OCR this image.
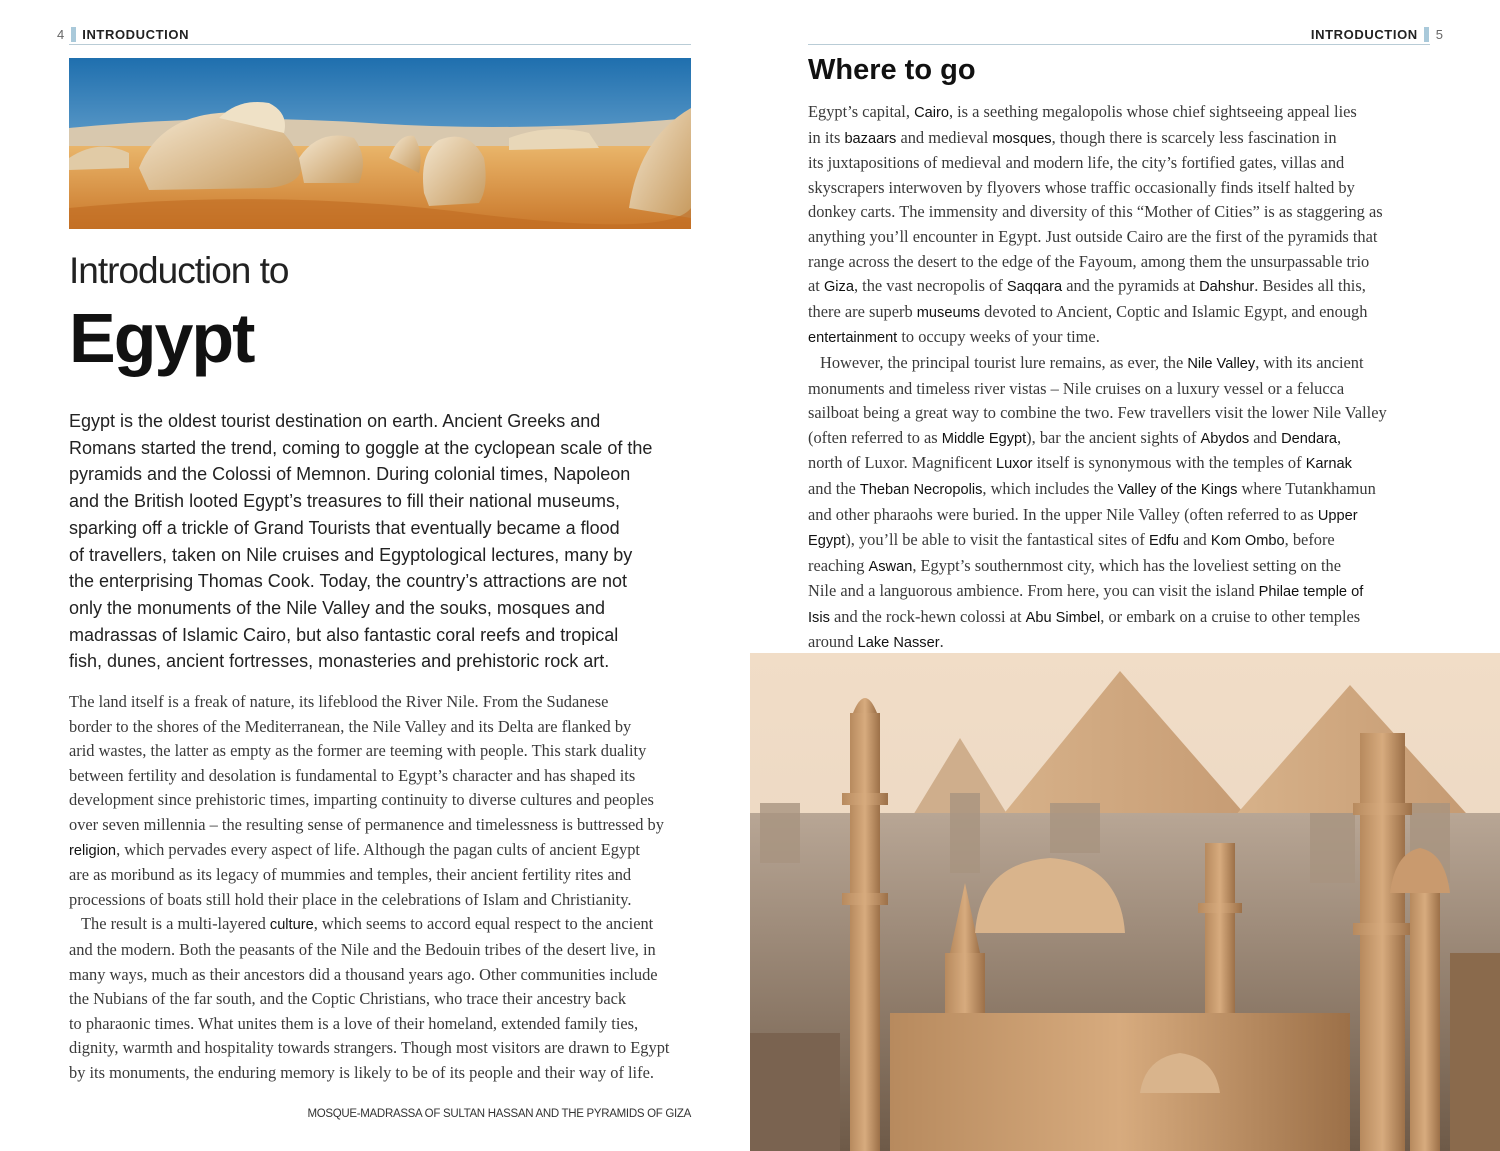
4 INTRODUCTION
Introduction to
Egypt
Egypt is the oldest tourist destination on earth. Ancient Greeks and
Romans started the trend, coming to goggle at the cyclopean scale of the
pyramids and the Colossi of Memnon. During colonial times, Napoleon
and the British looted Egypt’s treasures to fill their national museums,
sparking off a trickle of Grand Tourists that eventually became a flood
of travellers, taken on Nile cruises and Egyptological lectures, many by
the enterprising Thomas Cook. Today, the country’s attractions are not
only the monuments of the Nile Valley and the souks, mosques and
madrassas of Islamic Cairo, but also fantastic coral reefs and tropical
fish, dunes, ancient fortresses, monasteries and prehistoric rock art.
The land itself is a freak of nature, its lifeblood the River Nile. From the Sudanese
border to the shores of the Mediterranean, the Nile Valley and its Delta are flanked by
arid wastes, the latter as empty as the former are teeming with people. This stark duality
between fertility and desolation is fundamental to Egypt’s character and has shaped its
development since prehistoric times, imparting continuity to diverse cultures and peoples
over seven millennia – the resulting sense of permanence and timelessness is buttressed by
religion, which pervades every aspect of life. Although the pagan cults of ancient Egypt
are as moribund as its legacy of mummies and temples, their ancient fertility rites and
processions of boats still hold their place in the celebrations of Islam and Christianity.
The result is a multi-layered culture, which seems to accord equal respect to the ancient
and the modern. Both the peasants of the Nile and the Bedouin tribes of the desert live, in
many ways, much as their ancestors did a thousand years ago. Other communities include
the Nubians of the far south, and the Coptic Christians, who trace their ancestry back
to pharaonic times. What unites them is a love of their homeland, extended family ties,
dignity, warmth and hospitality towards strangers. Though most visitors are drawn to Egypt
by its monuments, the enduring memory is likely to be of its people and their way of life.
MOSQUE-MADRASSA OF SULTAN HASSAN AND THE PYRAMIDS OF GIZA
INTRODUCTION 5
Where to go
Egypt’s capital, Cairo, is a seething megalopolis whose chief sightseeing appeal lies
in its bazaars and medieval mosques, though there is scarcely less fascination in
its juxtapositions of medieval and modern life, the city’s fortified gates, villas and
skyscrapers interwoven by flyovers whose traffic occasionally finds itself halted by
donkey carts. The immensity and diversity of this “Mother of Cities” is as staggering as
anything you’ll encounter in Egypt. Just outside Cairo are the first of the pyramids that
range across the desert to the edge of the Fayoum, among them the unsurpassable trio
at Giza, the vast necropolis of Saqqara and the pyramids at Dahshur. Besides all this,
there are superb museums devoted to Ancient, Coptic and Islamic Egypt, and enough
entertainment to occupy weeks of your time.
However, the principal tourist lure remains, as ever, the Nile Valley, with its ancient
monuments and timeless river vistas – Nile cruises on a luxury vessel or a felucca
sailboat being a great way to combine the two. Few travellers visit the lower Nile Valley
(often referred to as Middle Egypt), bar the ancient sights of Abydos and Dendara,
north of Luxor. Magnificent Luxor itself is synonymous with the temples of Karnak
and the Theban Necropolis, which includes the Valley of the Kings where Tutankhamun
and other pharaohs were buried. In the upper Nile Valley (often referred to as Upper
Egypt), you’ll be able to visit the fantastical sites of Edfu and Kom Ombo, before
reaching Aswan, Egypt’s southernmost city, which has the loveliest setting on the
Nile and a languorous ambience. From here, you can visit the island Philae temple of
Isis and the rock-hewn colossi at Abu Simbel, or embark on a cruise to other temples
around Lake Nasser.
